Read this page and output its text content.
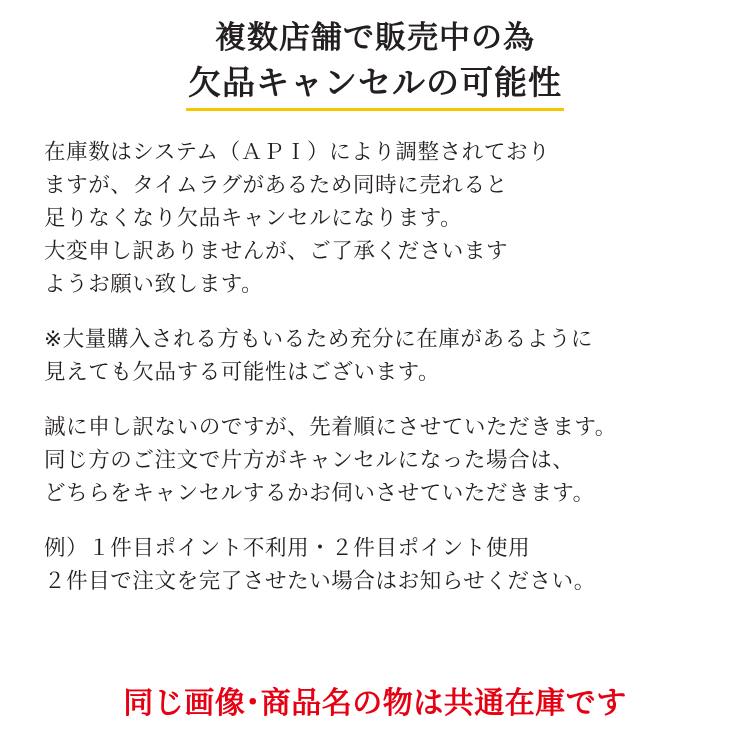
複数店舗で販売中の為
欠品キャンセルの可能性
在庫数はシステム（ＡＰＩ）により調整されており
ますが、タイムラグがあるため同時に売れると
足りなくなり欠品キャンセルになります。
大変申し訳ありませんが、ご了承くださいます
ようお願い致します。
※大量購入される方もいるため充分に在庫があるように
見えても欠品する可能性はございます。
誠に申し訳ないのですが、先着順にさせていただきます。
同じ方のご注文で片方がキャンセルになった場合は、
どちらをキャンセルするかお伺いさせていただきます。
例）１件目ポイント不利用・２件目ポイント使用
２件目で注文を完了させたい場合はお知らせください。
同じ画像･商品名の物は共通在庫です
